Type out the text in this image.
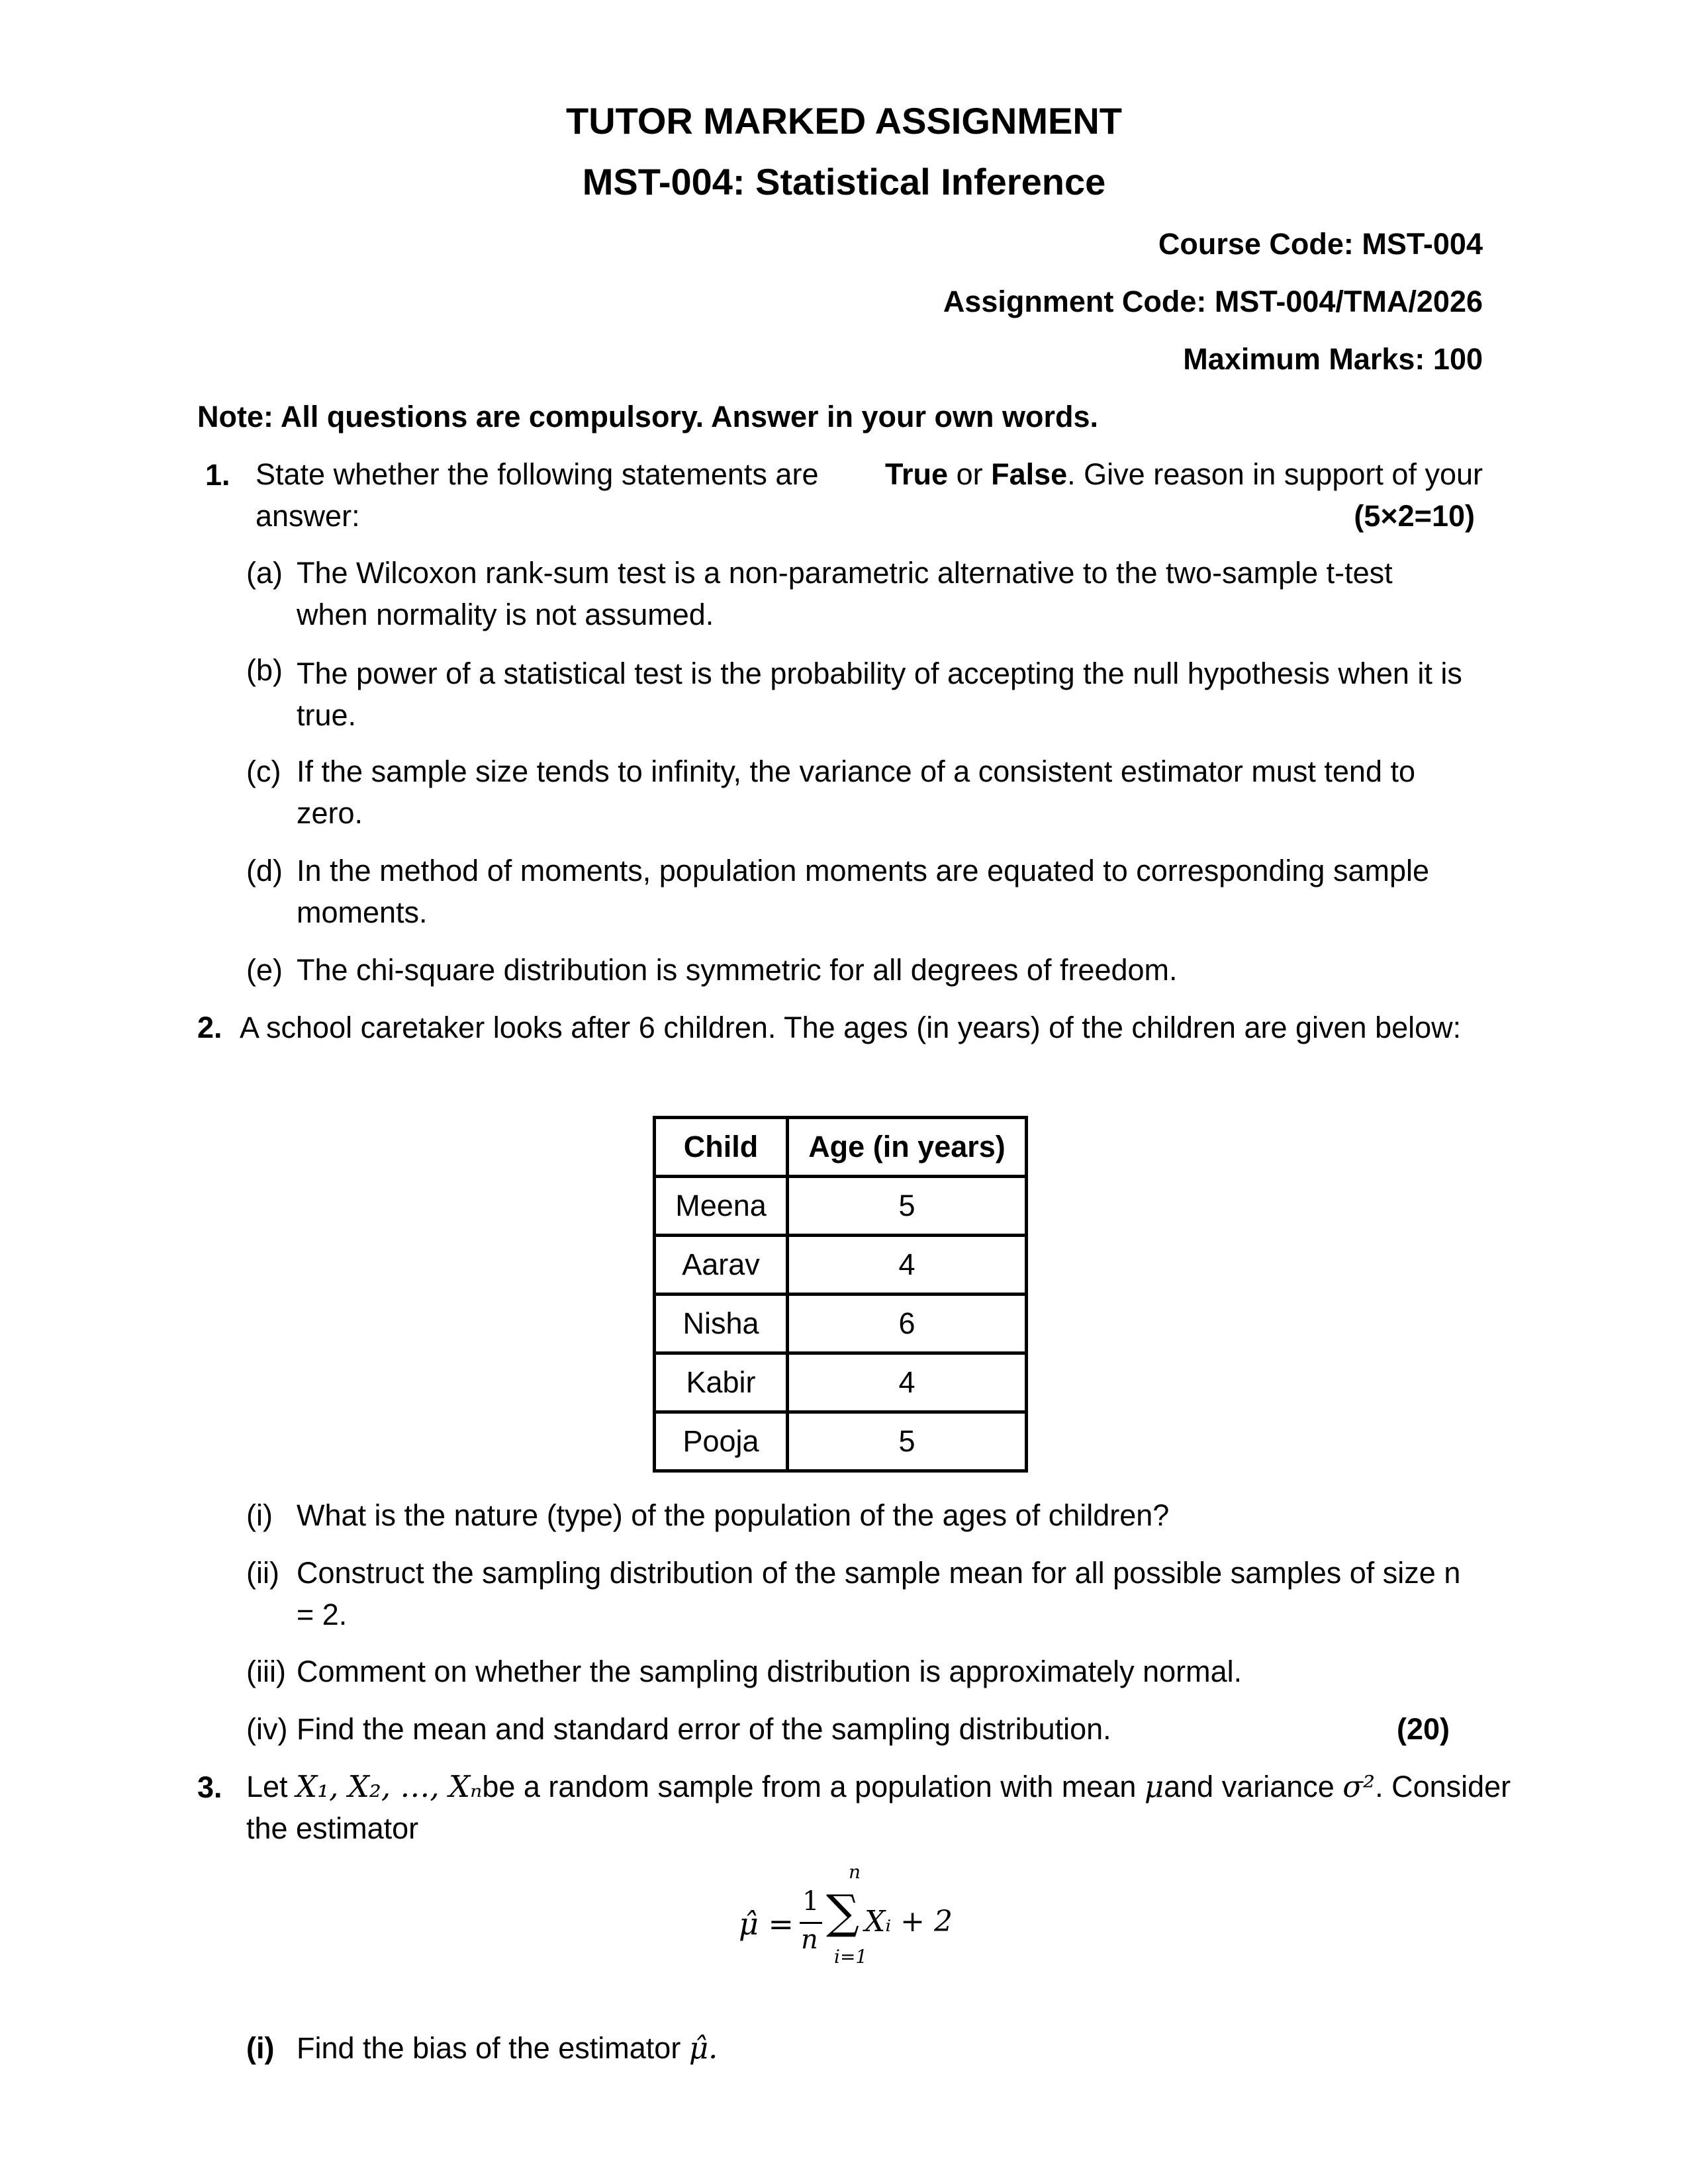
TUTOR MARKED ASSIGNMENT
MST-004: Statistical Inference
Course Code: MST-004
Assignment Code: MST-004/TMA/2026
Maximum Marks: 100
Note: All questions are compulsory. Answer in your own words.
1. State whether the following statements are True or False. Give reason in support of your
answer:	(5×2=10)
(a) The Wilcoxon rank-sum test is a non-parametric alternative to the two-sample t-test
when normality is not assumed.
(b) The power of a statistical test is the probability of accepting the null hypothesis when it is
true.
(c) If the sample size tends to infinity, the variance of a consistent estimator must tend to
zero.
(d) In the method of moments, population moments are equated to corresponding sample
moments.
(e) The chi-square distribution is symmetric for all degrees of freedom.
2. A school caretaker looks after 6 children. The ages (in years) of the children are given below:
Child	Age (in years)
Meena	5
Aarav	4
Nisha	6
Kabir	4
Pooja	5
(i) What is the nature (type) of the population of the ages of children?
(ii) Construct the sampling distribution of the sample mean for all possible samples of size n
= 2.
(iii) Comment on whether the sampling distribution is approximately normal.
(iv) Find the mean and standard error of the sampling distribution.	(20)
3. Let X₁, X₂, …, Xₙbe a random sample from a population with mean μand variance σ². Consider
the estimator
μ̂ =
1
n
n
∑
i=1
Xᵢ + 2
(i) Find the bias of the estimator μ̂.
